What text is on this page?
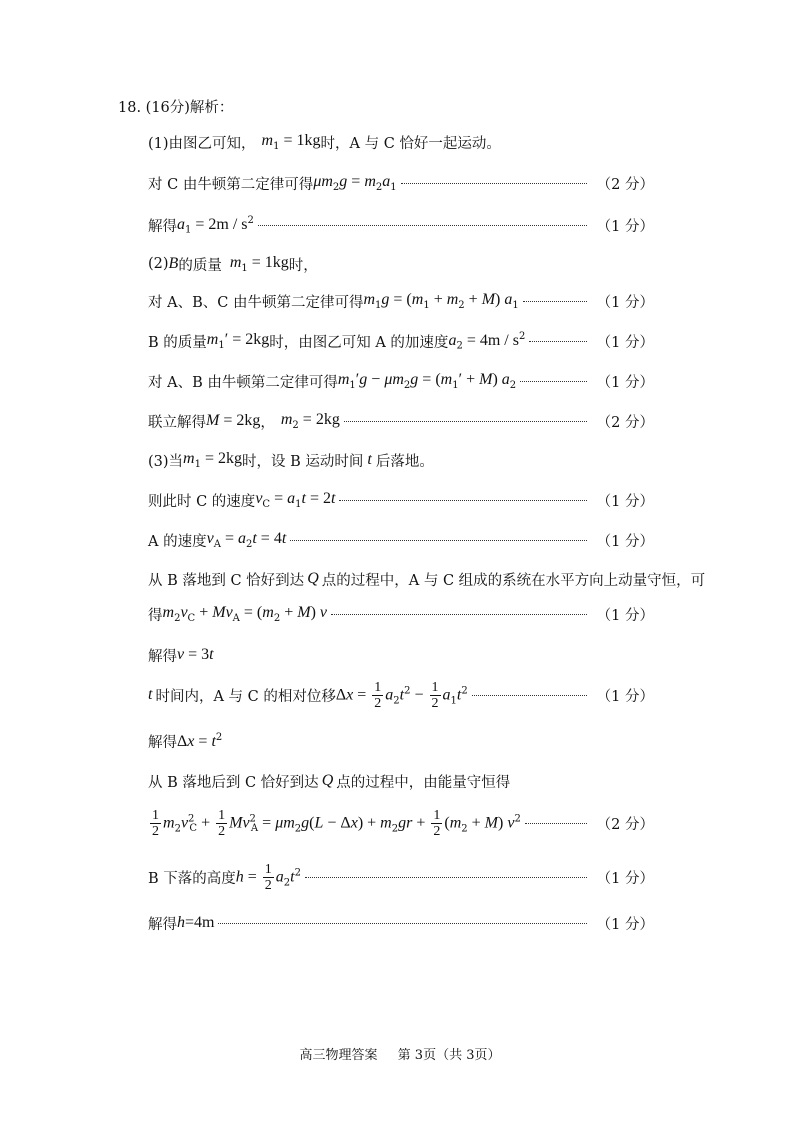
18. (16分)解析：
(1)由图乙可知， $m_1 = 1kg$ 时，A 与 C 恰好一起运动。
对 C 由牛顿第二定律可得 $\mu m_2g = m_2a_1$	（2 分）
解得 $a_1 = 2m / s^2$	（1 分）
(2) B 的质量 $m_1 = 1kg$ 时，
对 A、B、C 由牛顿第二定律可得 $m_1g = (m_1 + m_2 + M)$ $a_1$	（1 分）
B 的质量 $m_1' = 2kg$ 时，由图乙可知 A 的加速度 $a_2 = 4m / s^2$	（1 分）
对 A、B 由牛顿第二定律可得 $m_1'g - \mu m_2g = (m_1' + M)$ $a_2$	（1 分）
联立解得 M = 2kg ， $m_2 = 2kg$	（2 分）
(3)当 $m_1 = 2kg$ 时，设 B 运动时间 t 后落地。
则此时 C 的速度 $v_C = a_1t = 2t$	（1 分）
A 的速度 $v_A = a_2t = 4t$	（1 分）
从 B 落地到 C 恰好到达 Q 点的过程中，A 与 C 组成的系统在水平方向上动量守恒，可
得 $m_2v_C + Mv_A = (m_2 + M)$ v	（1 分）
解得 v = 3t
t 时间内，A 与 C 的相对位移 $\Delta x = \frac{1}{2} a_2t^2 - \frac{1}{2} a_1t^2$	（1 分）
解得 $\Delta x = t^2$
从 B 落地后到 C 恰好到达 Q 点的过程中，由能量守恒得
$\frac{1}{2} m_2v^2_C + \frac{1}{2} Mv^2_A = \mu m_2g(L - \Delta x) + m_2gr + \frac{1}{2} (m_2 + M)$ $v^2$	（2 分）
B 下落的高度 $h = \frac{1}{2} a_2t^2$	（1 分）
解得 h =4m	（1 分）
高三物理答案 第 3页（共 3页）
